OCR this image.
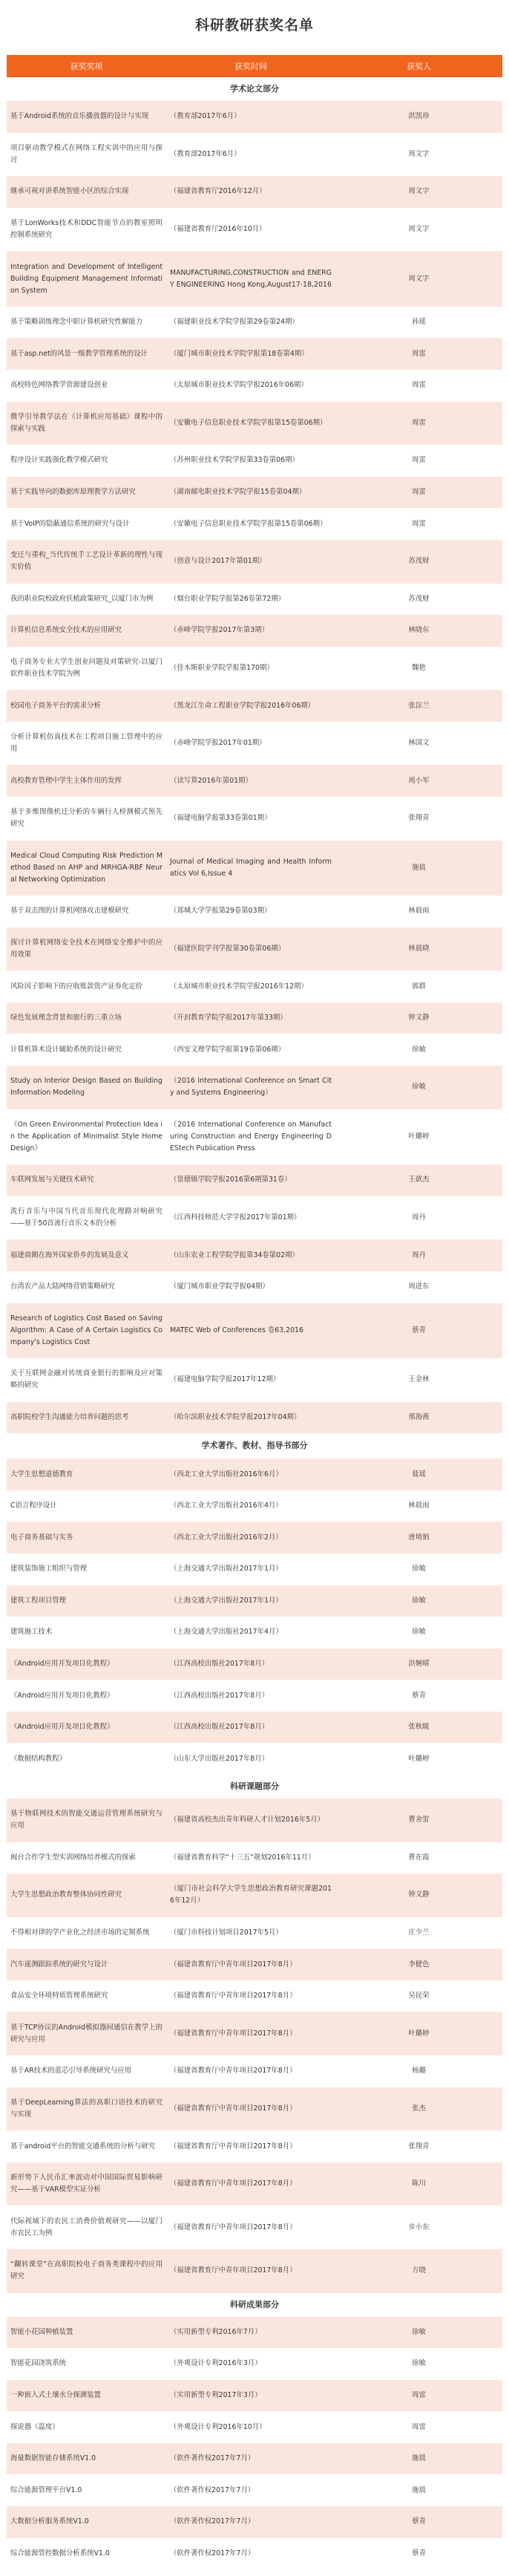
科研教研获奖名单
获奖奖项	获奖时间	获奖人
学术论文部分		
基于Android系统的音乐播放器的设计与实现	（教育部2017年6月）	洪凯珍
项目驱动教学模式在网络工程实训中的应用与探讨	（教育部2017年6月）	周文字
继承可视对讲系统智能小区的综合实现	（福建省教育厅2016年12月）	周文字
基于LonWorks技术和DDC智能节点的教室照明控制系统研究	（福建省教育厅2016年10月）	周文字
Integration and Development of Intelligent Building Equipment Management Information System	MANUFACTURING,CONSTRUCTION and ENERGY ENGINEERING Hong Kong,August17-18,2016	周文字
基于策略训练理念中职计算机研究性解能力	（福建职业技术学院学报第29卷第24期）	孙瑶
基于asp.net的风景一级教学管理系统的设计	（厦门城市职业技术学院学报第18卷第4期）	周雷
高校特色网络教学资源建设创业	（太原城市职业技术学院学报2016年06期）	周雷
微学引导教学法在《计算机应用基础》课程中的探索与实践	（安徽电子信息职业技术学院学报第15卷第06期）	周雷
程序设计实践强化教学模式研究	（苏州职业技术学院学报第33卷第06期）	周雷
基于实践导向的数据库原理教学方法研究	（湖南邮电职业技术学院学报15卷第04期）	周雷
基于VoIP的隐蔽通信系统的研究与设计	（安徽电子信息职业技术学院学报第15卷第06期）	周雷
变迁与重构_当代传统手工艺设计革新的理性与现实价值	（创意与设计2017年第01期）	苏茂财
我的职业院校政府扶植政策研究_以厦门市为例	（烟台职业学院学报第26卷第72期）	苏茂财
计算机信息系统安全技术的应用研究	（赤峰学院学报2017年第3期）	林晓东
电子商务专业大学生创业问题及对策研究-以厦门软件职业技术学院为例	（佳木斯职业学院学报第170期）	魏艳
校园电子商务平台的需求分析	（黑龙江生命工程职业学院学报2016年06期）	张淙兰
分析计算机仿真技术在工程项目施工管理中的应用	（赤峰学院学报2017年01期）	林国文
高校教育管理中学生主体作用的发挥	（读写算2016年第01期）	周小军
基于多维图像机迁分析的车辆行人检测模式预先研究	（福建电脑学报第33卷第01期）	张翔青
Medical Cloud Computing Risk Prediction Method Based on AHP and MRHGA-RBF Neural Networking Optimization	Journal of Medical Imaging and Health Informatics Vol 6,Issue 4	施晨
基于双击图的计算机网络攻击建模研究	（郑城大学学报第29卷第03期）	林晨雨
探讨计算机网络安全技术在网络安全维护中的应用效果	（福建医院学刊学报第30卷第06期）	林晨晓
风险因子影响下的应收账款资产证券化定价	（太原城市职业技术学院学报2016年12期）	郭群
绿色发展理念背景和旅行的三重立场	（开封教育学院学报2017年第33期）	钟文静
计算机算术设计辅助系统的设计研究	（西安文理学院学报第19卷第06期）	徐敏
Study on Interior Design Based on Building Information Modeling	（2016 International Conference on Smart City and Systems Engineering）	徐敏
《On Green Environmental Protection Idea in the Application of Minimalist Style Home Design》	（2016 International Conference on Manufacturing Construction and Energy Engineering DEStech Publication Press	叶璐婷
车联网发展与关键技术研究	（景德镇学院学报2016第6期第31卷）	王歆杰
洗行音乐与中国当代音乐现代化理路对响研究——基于50首流行音乐文本的分析	（江西科技师范大学学报2017年第01期）	周丹
福建商圈在海外国家侨乡的发展及意义	（山东农业工程学院学报第34卷第02期）	周丹
台湾农产品大陆网络营销策略研究	（厦门城市职业学院学报04期）	周进东
Research of Logistics Cost Based on Saving Algorithm: A Case of A Certain Logistics Company's Logistics Cost	MATEC Web of Conferences 卷63,2016	蔡青
关于互联网金融对传统商业银行的影响及应对策略的研究	（福建电脑学院学报2017年12期）	王金林
高职院校学生沟通能力培养问题的思考	（哈尔滨职业技术学院学报2017年04期）	邢海燕
学术著作、教材、指导书部分		
大学生思想道德教育	（西北工业大学出版社2016年6月）	聂瑶
C语言程序设计	（西北工业大学出版社2016年4月）	林晨雨
电子商务基础与实务	（西北工业大学出版社2016年2月）	唐境娟
建筑装饰施工组织与管理	（上海交通大学出版社2017年1月）	徐敏
建筑工程项目管理	（上海交通大学出版社2017年1月）	徐敏
建筑施工技术	（上海交通大学出版社2017年4月）	徐敏
《Android应用开发项目化教程》	（江西高校出版社2017年8月）	洪婉晴
《Android应用开发项目化教程》	（江西高校出版社2017年8月）	蔡青
《Android应用开发项目化教程》	（江西高校出版社2017年8月）	张秋暖
《数据结构教程》	（山东大学出版社2017年8月）	叶璐婷
科研课题部分		
基于物联网技术的智能交通运营管理系统研究与应用	（福建省高校杰出青年科研人才计划2016年5月）	曹舍雷
闽台合作学生型实训网络培养模式的探索	（福建省教育科学“十三五”规划2016年11月）	曹在霞
大学生思想政治教育整体协同性研究	（厦门市社会科学大学生思想政治教育研究课题2016年12月）	钟文静
不得相对律的学产业化之经济市场的定制系统	（厦门市科技计划项目2017年5月）	庄少兰
汽车遥测跟踪系统的研究与设计	（福建省教育厅中青年项目2017年8月）	李健色
食品安全环境特质管理系统研究	（福建省教育厅中青年项目2017年8月）	吴昆荣
基于TCP协议的Android模拟器间通信在教学上的研究与应用	（福建省教育厅中青年项目2017年8月）	叶璐婷
基于AR技术的蓝芯引导系统研究与应用	（福建省教育厅中青年项目2017年8月）	杨璐
基于DeepLearning算法的高职口语技术的研究与实现	（福建省教育厅中青年项目2017年8月）	张杰
基于android平台的智能交通系统的分析与研究	（福建省教育厅中青年项目2017年8月）	张翔青
新形势下人民币汇率波动对中国国际贸易影响研究——基于VAR模型实证分析	（福建省教育厅中青年项目2017年8月）	陈川
代际视域下的农民工消费价值观研究——以厦门市农民工为例	（福建省教育厅中青年项目2017年8月）	步小东
“翻转课堂”在高职院校电子商务类课程中的应用研究	（福建省教育厅中青年项目2017年8月）	方晓
科研成果部分		
智能小花园种植装置	（实用新型专利2016年7月）	徐敏
智能花园浇筑系统	（外观设计专利2016年3月）	徐敏
一种嵌入式土壤水分探测装置	（实用新型专利2017年3月）	周雷
探说器（温度）	（外观设计专利2016年10月）	周雷
海量数据智能存储系统V1.0	（软件著作权2017年7月）	施晨
综合能源管理平台V1.0	（软件著作权2017年7月）	施晨
大数据分析服务系统V1.0	（软件著作权2017年7月）	蔡青
综合能源管控数据分析系统V1.0	（软件著作权2017年7月）	蔡青
